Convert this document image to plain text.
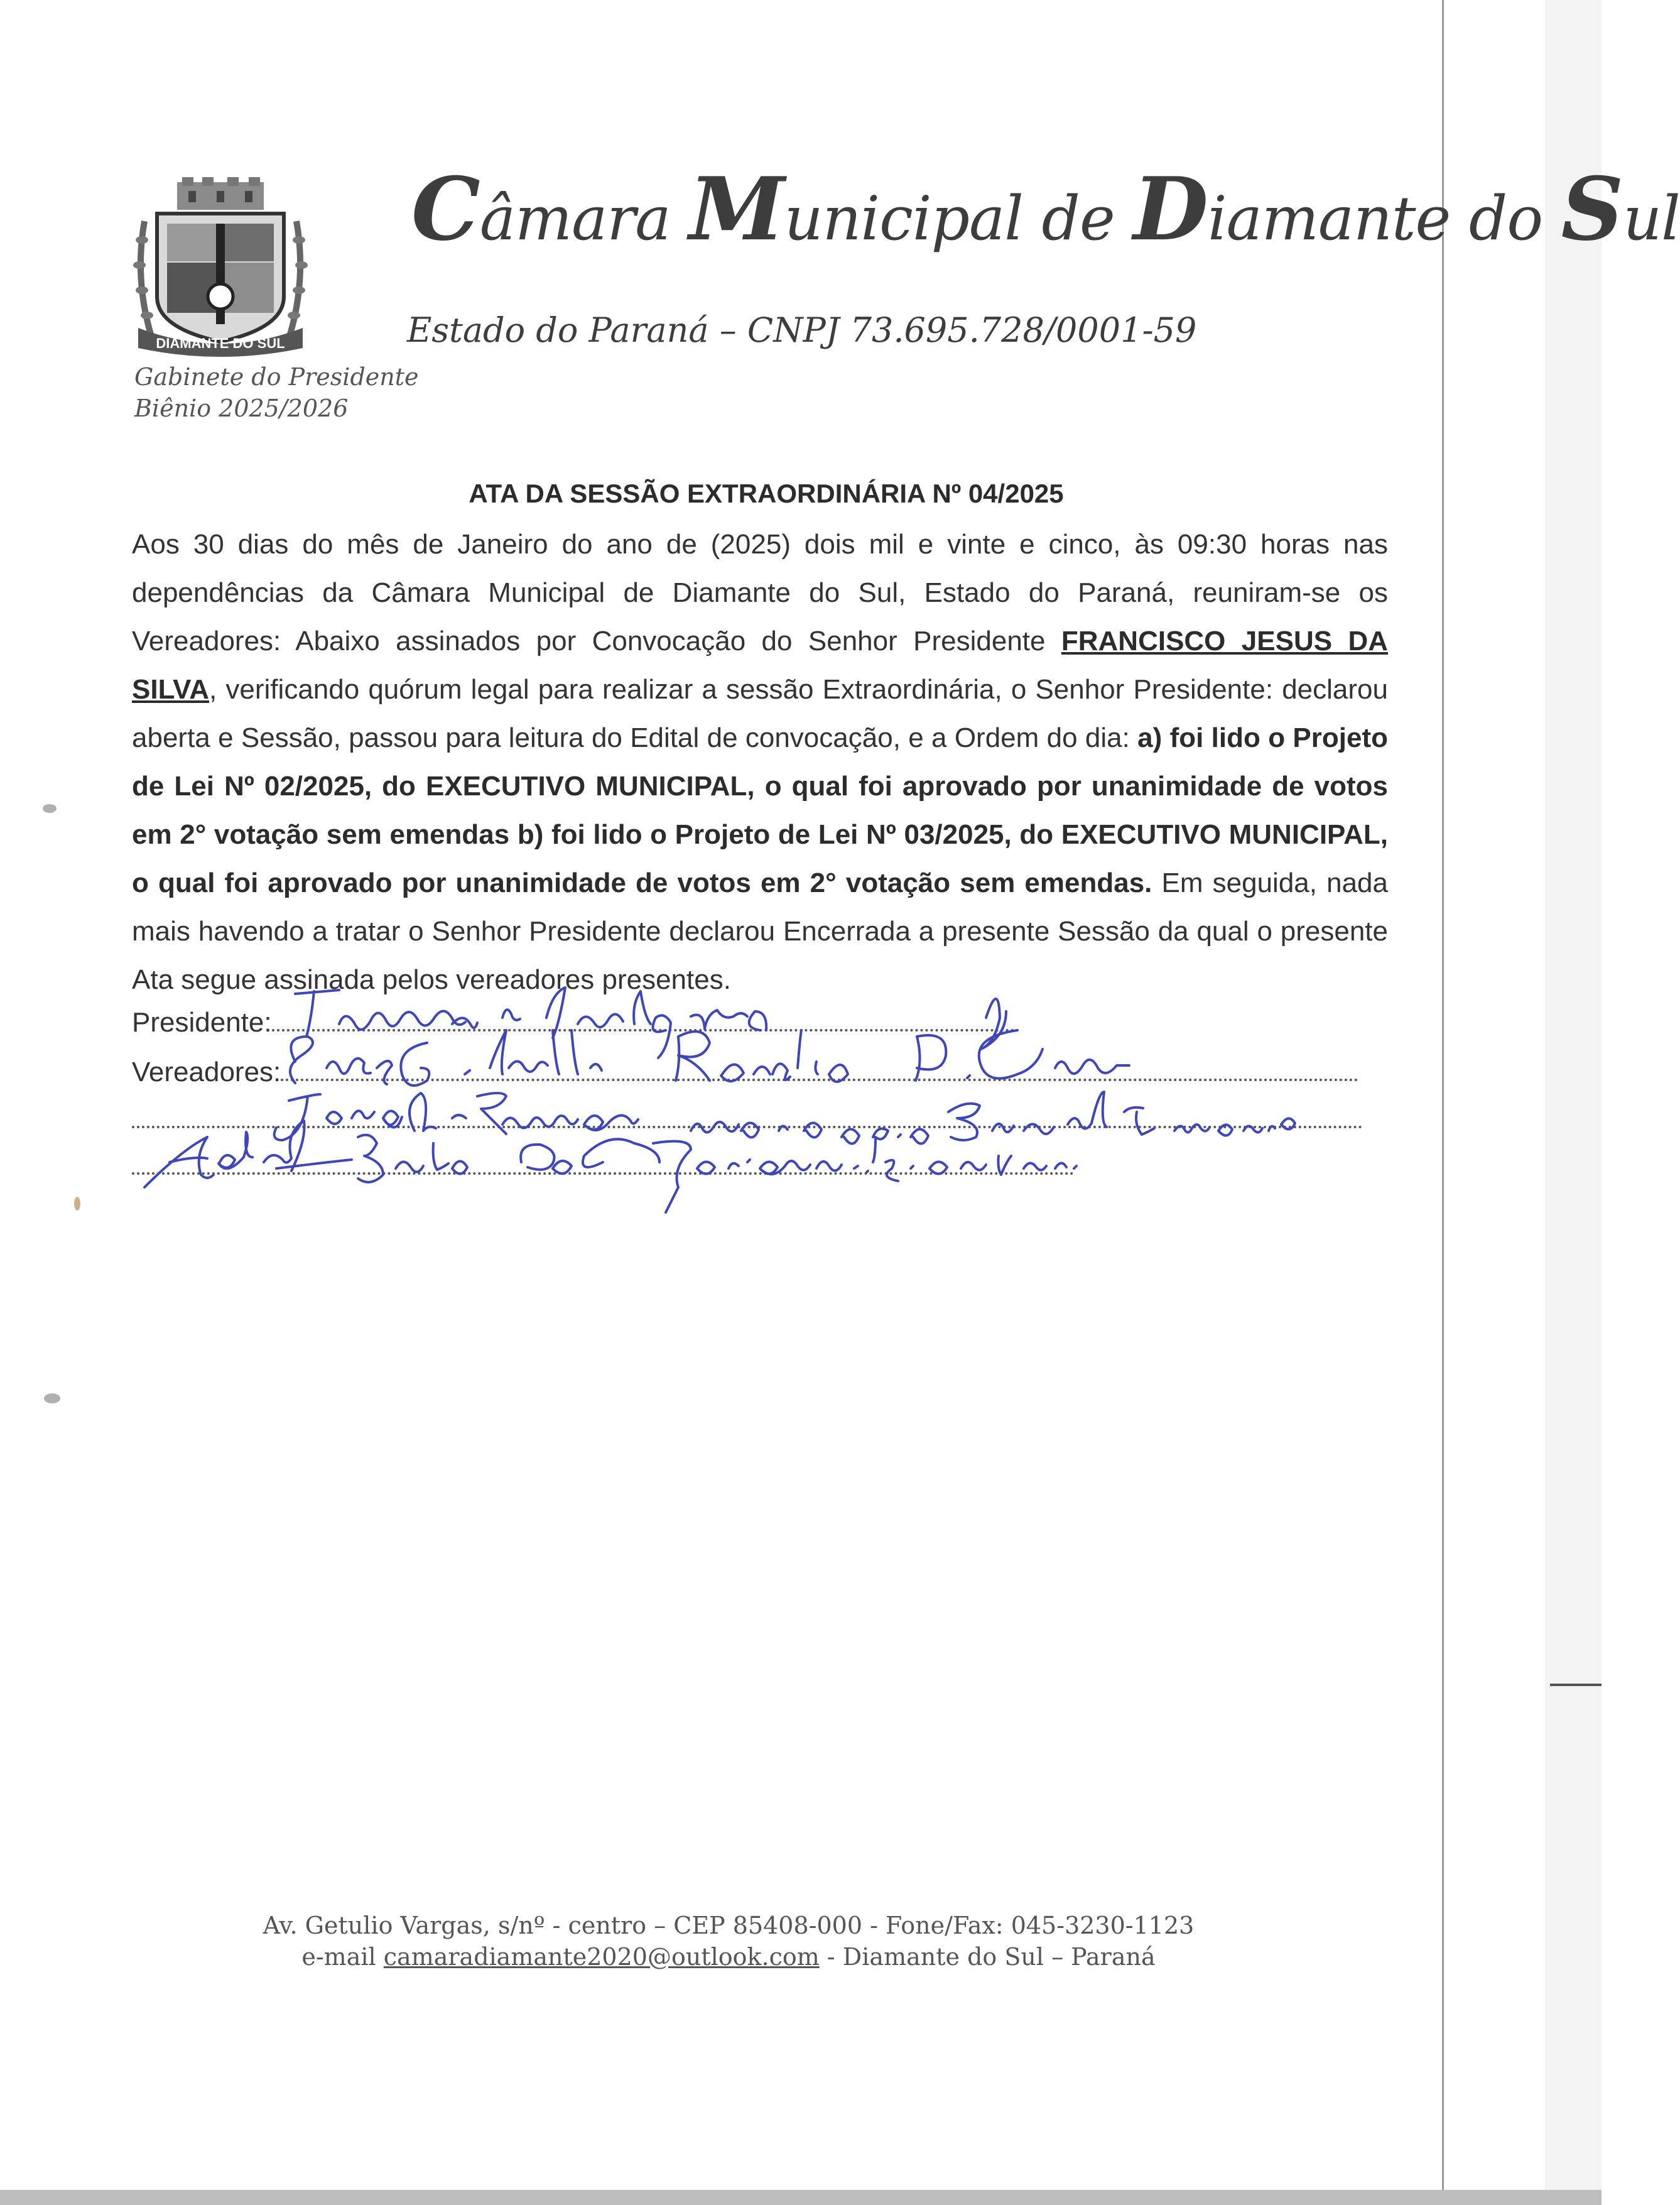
DIAMANTE DO SUL
Gabinete do Presidente
Biênio 2025/2026
Câmara Municipal de Diamante do Sul
Estado do Paraná – CNPJ 73.695.728/0001-59
ATA DA SESSÃO EXTRAORDINÁRIA Nº 04/2025
Aos 30 dias do mês de Janeiro do ano de (2025) dois mil e vinte e cinco, às 09:30 horas nas dependências da Câmara Municipal de Diamante do Sul, Estado do Paraná, reuniram-se os Vereadores: Abaixo assinados por Convocação do Senhor Presidente FRANCISCO JESUS DA SILVA, verificando quórum legal para realizar a sessão Extraordinária, o Senhor Presidente: declarou aberta e Sessão, passou para leitura do Edital de convocação, e a Ordem do dia: a) foi lido o Projeto de Lei Nº 02/2025, do EXECUTIVO MUNICIPAL, o qual foi aprovado por unanimidade de votos em 2° votação sem emendas b) foi lido o Projeto de Lei Nº 03/2025, do EXECUTIVO MUNICIPAL, o qual foi aprovado por unanimidade de votos em 2° votação sem emendas. Em seguida, nada mais havendo a tratar o Senhor Presidente declarou Encerrada a presente Sessão da qual o presente Ata segue assinada pelos vereadores presentes.
Presidente:
Vereadores:
Av. Getulio Vargas, s/nº - centro – CEP 85408-000 - Fone/Fax: 045-3230-1123
e-mail camaradiamante2020@outlook.com - Diamante do Sul – Paraná
